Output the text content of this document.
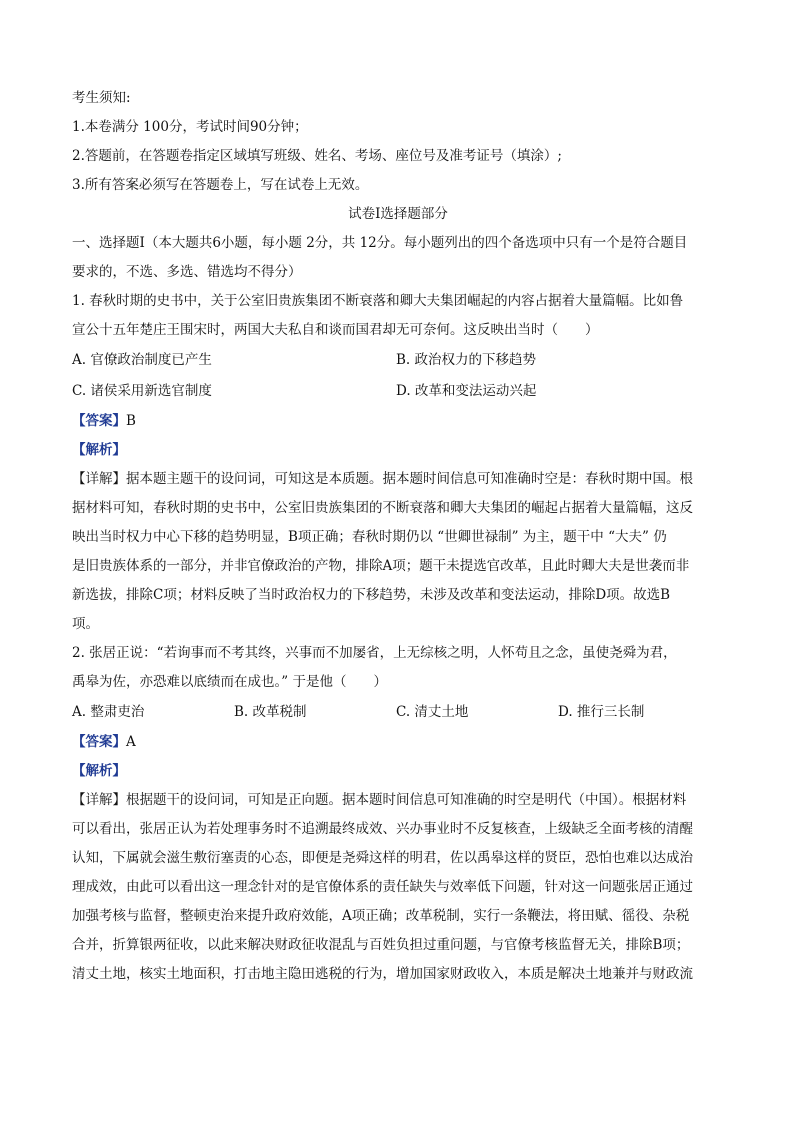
考生须知:
1.本卷满分 100分，考试时间90分钟；
2.答题前，在答题卷指定区域填写班级、姓名、考场、座位号及准考证号（填涂）;
3.所有答案必须写在答题卷上，写在试卷上无效。
试卷Ⅰ选择题部分
一、选择题Ⅰ（本大题共6小题，每小题 2分，共 12分。每小题列出的四个备选项中只有一个是符合题目
要求的，不选、多选、错选均不得分）
1. 春秋时期的史书中，关于公室旧贵族集团不断衰落和卿大夫集团崛起的内容占据着大量篇幅。比如鲁
宣公十五年楚庄王围宋时，两国大夫私自和谈而国君却无可奈何。这反映出当时（　　）
A. 官僚政治制度已产生	B. 政治权力的下移趋势
C. 诸侯采用新选官制度	D. 改革和变法运动兴起
【答案】B
【解析】
【详解】据本题主题干的设问词，可知这是本质题。据本题时间信息可知准确时空是：春秋时期中国。根
据材料可知，春秋时期的史书中，公室旧贵族集团的不断衰落和卿大夫集团的崛起占据着大量篇幅，这反
映出当时权力中心下移的趋势明显，B项正确；春秋时期仍以 “世卿世禄制” 为主，题干中 “大夫” 仍
是旧贵族体系的一部分，并非官僚政治的产物，排除A项；题干未提选官改革，且此时卿大夫是世袭而非
新选拔，排除C项；材料反映了当时政治权力的下移趋势，未涉及改革和变法运动，排除D项。故选B
项。
2. 张居正说：“若询事而不考其终，兴事而不加屡省，上无综核之明，人怀苟且之念，虽使尧舜为君，
禹皋为佐，亦恐难以底绩而在成也。” 于是他（　　）
A. 整肃吏治	B. 改革税制	C. 清丈土地	D. 推行三长制
【答案】A
【解析】
【详解】根据题干的设问词，可知是正向题。据本题时间信息可知准确的时空是明代（中国）。根据材料
可以看出，张居正认为若处理事务时不追溯最终成效、兴办事业时不反复核查，上级缺乏全面考核的清醒
认知，下属就会滋生敷衍塞责的心态，即便是尧舜这样的明君，佐以禹皋这样的贤臣，恐怕也难以达成治
理成效，由此可以看出这一理念针对的是官僚体系的责任缺失与效率低下问题，针对这一问题张居正通过
加强考核与监督，整顿吏治来提升政府效能，A项正确；改革税制，实行一条鞭法，将田赋、徭役、杂税
合并，折算银两征收，以此来解决财政征收混乱与百姓负担过重问题，与官僚考核监督无关，排除B项；
清丈土地，核实土地面积，打击地主隐田逃税的行为，增加国家财政收入，本质是解决土地兼并与财政流
